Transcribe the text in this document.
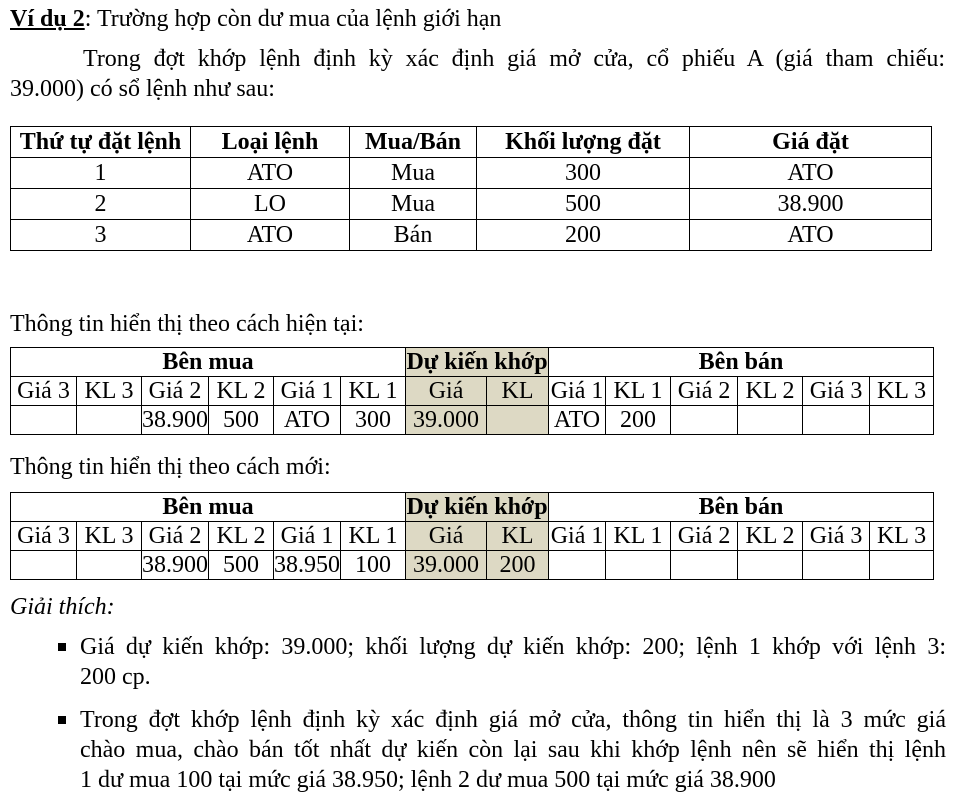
Ví dụ 2: Trường hợp còn dư mua của lệnh giới hạn
Trong đợt khớp lệnh định kỳ xác định giá mở cửa, cổ phiếu A (giá tham chiếu:
39.000) có sổ lệnh như sau:
Thứ tự đặt lệnh	Loại lệnh	Mua/Bán	Khối lượng đặt	Giá đặt
1	ATO	Mua	300	ATO
2	LO	Mua	500	38.900
3	ATO	Bán	200	ATO
Thông tin hiển thị theo cách hiện tại:
Bên mua						Dự kiến khớp		Bên bán					
Giá 3	KL 3	Giá 2	KL 2	Giá 1	KL 1	Giá	KL	Giá 1	KL 1	Giá 2	KL 2	Giá 3	KL 3
		38.900	500	ATO	300	39.000		ATO	200				
Thông tin hiển thị theo cách mới:
Bên mua						Dự kiến khớp		Bên bán					
Giá 3	KL 3	Giá 2	KL 2	Giá 1	KL 1	Giá	KL	Giá 1	KL 1	Giá 2	KL 2	Giá 3	KL 3
		38.900	500	38.950	100	39.000	200						
Giải thích:
Giá dự kiến khớp: 39.000; khối lượng dự kiến khớp: 200; lệnh 1 khớp với lệnh 3:
200 cp.
Trong đợt khớp lệnh định kỳ xác định giá mở cửa, thông tin hiển thị là 3 mức giá
chào mua, chào bán tốt nhất dự kiến còn lại sau khi khớp lệnh nên sẽ hiển thị lệnh
1 dư mua 100 tại mức giá 38.950; lệnh 2 dư mua 500 tại mức giá 38.900
